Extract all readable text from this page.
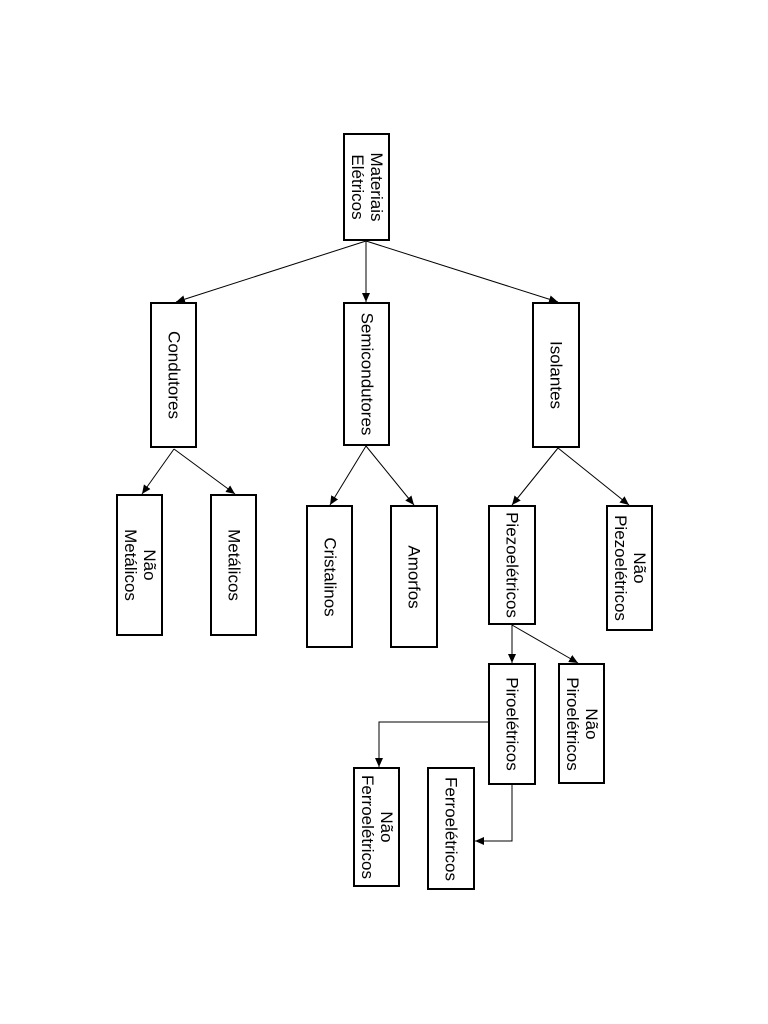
Materiais
Elétricos
Condutores	Semicondutores	Isolantes
Não
Metálicos	Metálicos	Cristalinos	Amorfos	Piezoelétricos	Não
Piezoelétricos
Piroelétricos	Não
Piroelétricos
Não
Ferroelétricos	Ferroelétricos
